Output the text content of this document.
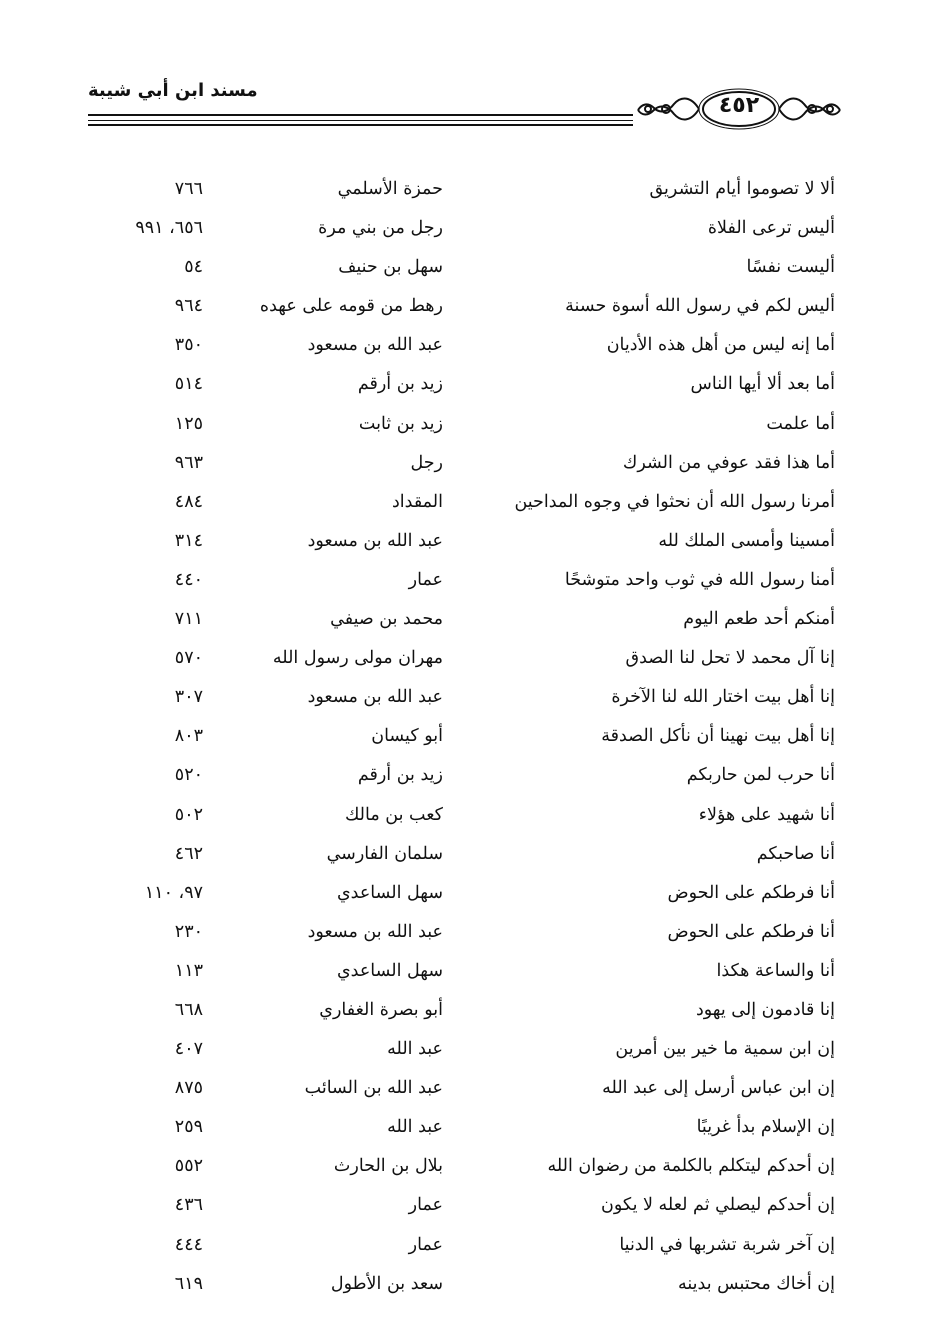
مسند ابن أبي شيبة
٤٥٢
ألا لا تصوموا أيام التشريق
حمزة الأسلمي
٧٦٦
أليس ترعى الفلاة
رجل من بني مرة
٦٥٦، ٩٩١
أليست نفسًا
سهل بن حنيف
٥٤
أليس لكم في رسول الله أسوة حسنة
رهط من قومه على عهده
٩٦٤
أما إنه ليس من أهل هذه الأديان
عبد الله بن مسعود
٣٥٠
أما بعد ألا أيها الناس
زيد بن أرقم
٥١٤
أما علمت
زيد بن ثابت
١٢٥
أما هذا فقد عوفي من الشرك
رجل
٩٦٣
أمرنا رسول الله أن نحثوا في وجوه المداحين
المقداد
٤٨٤
أمسينا وأمسى الملك لله
عبد الله بن مسعود
٣١٤
أمنا رسول الله في ثوب واحد متوشحًا
عمار
٤٤٠
أمنكم أحد طعم اليوم
محمد بن صيفي
٧١١
إنا آل محمد لا تحل لنا الصدق
مهران مولى رسول الله
٥٧٠
إنا أهل بيت اختار الله لنا الآخرة
عبد الله بن مسعود
٣٠٧
إنا أهل بيت نهينا أن نأكل الصدقة
أبو كيسان
٨٠٣
أنا حرب لمن حاربكم
زيد بن أرقم
٥٢٠
أنا شهيد على هؤلاء
كعب بن مالك
٥٠٢
أنا صاحبكم
سلمان الفارسي
٤٦٢
أنا فرطكم على الحوض
سهل الساعدي
٩٧، ١١٠
أنا فرطكم على الحوض
عبد الله بن مسعود
٢٣٠
أنا والساعة هكذا
سهل الساعدي
١١٣
إنا قادمون إلى يهود
أبو بصرة الغفاري
٦٦٨
إن ابن سمية ما خير بين أمرين
عبد الله
٤٠٧
إن ابن عباس أرسل إلى عبد الله
عبد الله بن السائب
٨٧٥
إن الإسلام بدأ غريبًا
عبد الله
٢٥٩
إن أحدكم ليتكلم بالكلمة من رضوان الله
بلال بن الحارث
٥٥٢
إن أحدكم ليصلي ثم لعله لا يكون
عمار
٤٣٦
إن آخر شربة تشربها في الدنيا
عمار
٤٤٤
إن أخاك محتبس بدينه
سعد بن الأطول
٦١٩
